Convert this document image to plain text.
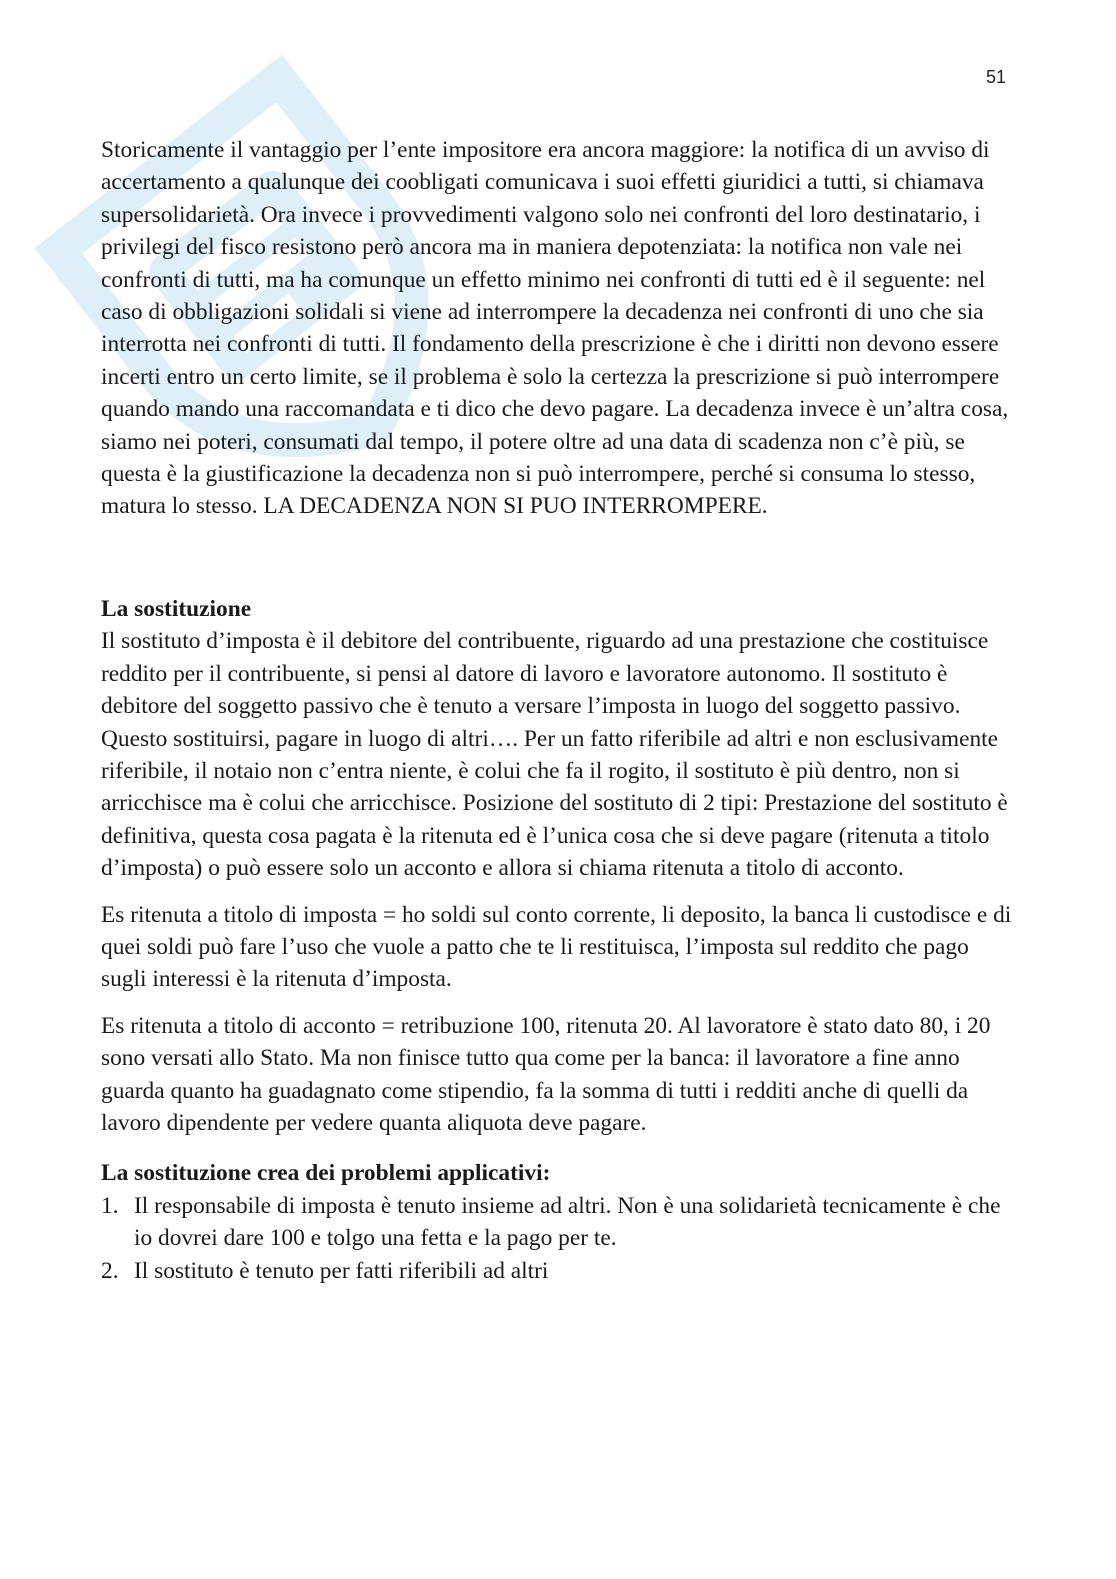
51

Storicamente il vantaggio per l’ente impositore era ancora maggiore: la notifica di un avviso di accertamento a qualunque dei coobligati comunicava i suoi effetti giuridici a tutti, si chiamava supersolidarietà. Ora invece i provvedimenti valgono solo nei confronti del loro destinatario, i privilegi del fisco resistono però ancora ma in maniera depotenziata: la notifica non vale nei confronti di tutti, ma ha comunque un effetto minimo nei confronti di tutti ed è il seguente: nel caso di obbligazioni solidali si viene ad interrompere la decadenza nei confronti di uno che sia interrotta nei confronti di tutti. Il fondamento della prescrizione è che i diritti non devono essere incerti entro un certo limite, se il problema è solo la certezza la prescrizione si può interrompere quando mando una raccomandata e ti dico che devo pagare. La decadenza invece è un’altra cosa, siamo nei poteri, consumati dal tempo, il potere oltre ad una data di scadenza non c’è più, se questa è la giustificazione la decadenza non si può interrompere, perché si consuma lo stesso, matura lo stesso. LA DECADENZA NON SI PUO INTERROMPERE.

La sostituzione

Il sostituto d’imposta è il debitore del contribuente, riguardo ad una prestazione che costituisce reddito per il contribuente, si pensi al datore di lavoro e lavoratore autonomo. Il sostituto è debitore del soggetto passivo che è tenuto a versare l’imposta in luogo del soggetto passivo. Questo sostituirsi, pagare in luogo di altri…. Per un fatto riferibile ad altri e non esclusivamente riferibile, il notaio non c’entra niente, è colui che fa il rogito, il sostituto è più dentro, non si arricchisce ma è colui che arricchisce. Posizione del sostituto di 2 tipi: Prestazione del sostituto è definitiva, questa cosa pagata è la ritenuta ed è l’unica cosa che si deve pagare (ritenuta a titolo d’imposta) o può essere solo un acconto e allora si chiama ritenuta a titolo di acconto.

Es ritenuta a titolo di imposta = ho soldi sul conto corrente, li deposito, la banca li custodisce e di quei soldi può fare l’uso che vuole a patto che te li restituisca, l’imposta sul reddito che pago sugli interessi è la ritenuta d’imposta.

Es ritenuta a titolo di acconto = retribuzione 100, ritenuta 20. Al lavoratore è stato dato 80, i 20 sono versati allo Stato. Ma non finisce tutto qua come per la banca: il lavoratore a fine anno guarda quanto ha guadagnato come stipendio, fa la somma di tutti i redditi anche di quelli da lavoro dipendente per vedere quanta aliquota deve pagare.

La sostituzione crea dei problemi applicativi:

1. Il responsabile di imposta è tenuto insieme ad altri. Non è una solidarietà tecnicamente è che io dovrei dare 100 e tolgo una fetta e la pago per te.
2. Il sostituto è tenuto per fatti riferibili ad altri
